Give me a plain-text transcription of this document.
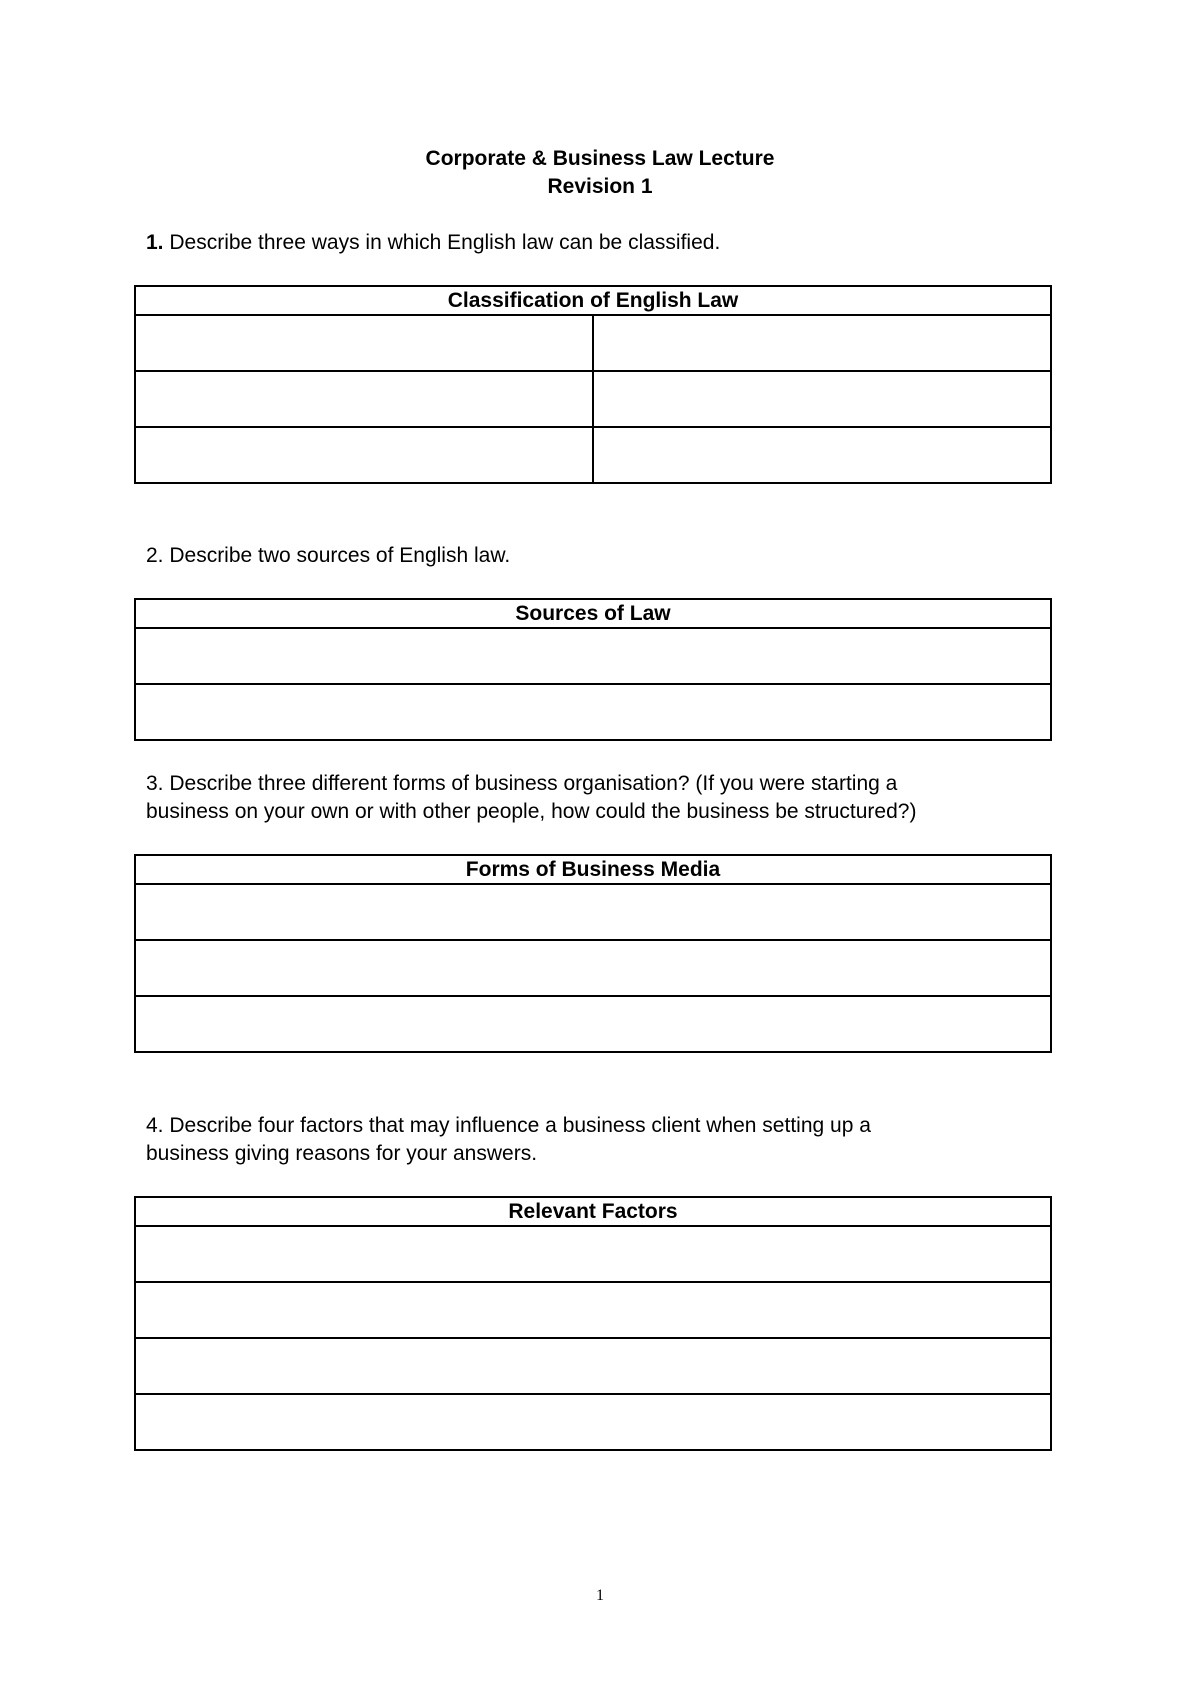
Corporate & Business Law Lecture
Revision 1
1. Describe three ways in which English law can be classified.
Classification of English Law	

2. Describe two sources of English law.
Sources of Law

3. Describe three different forms of business organisation? (If you were starting a
business on your own or with other people, how could the business be structured?)
Forms of Business Media

4. Describe four factors that may influence a business client when setting up a
business giving reasons for your answers.
Relevant Factors

1
